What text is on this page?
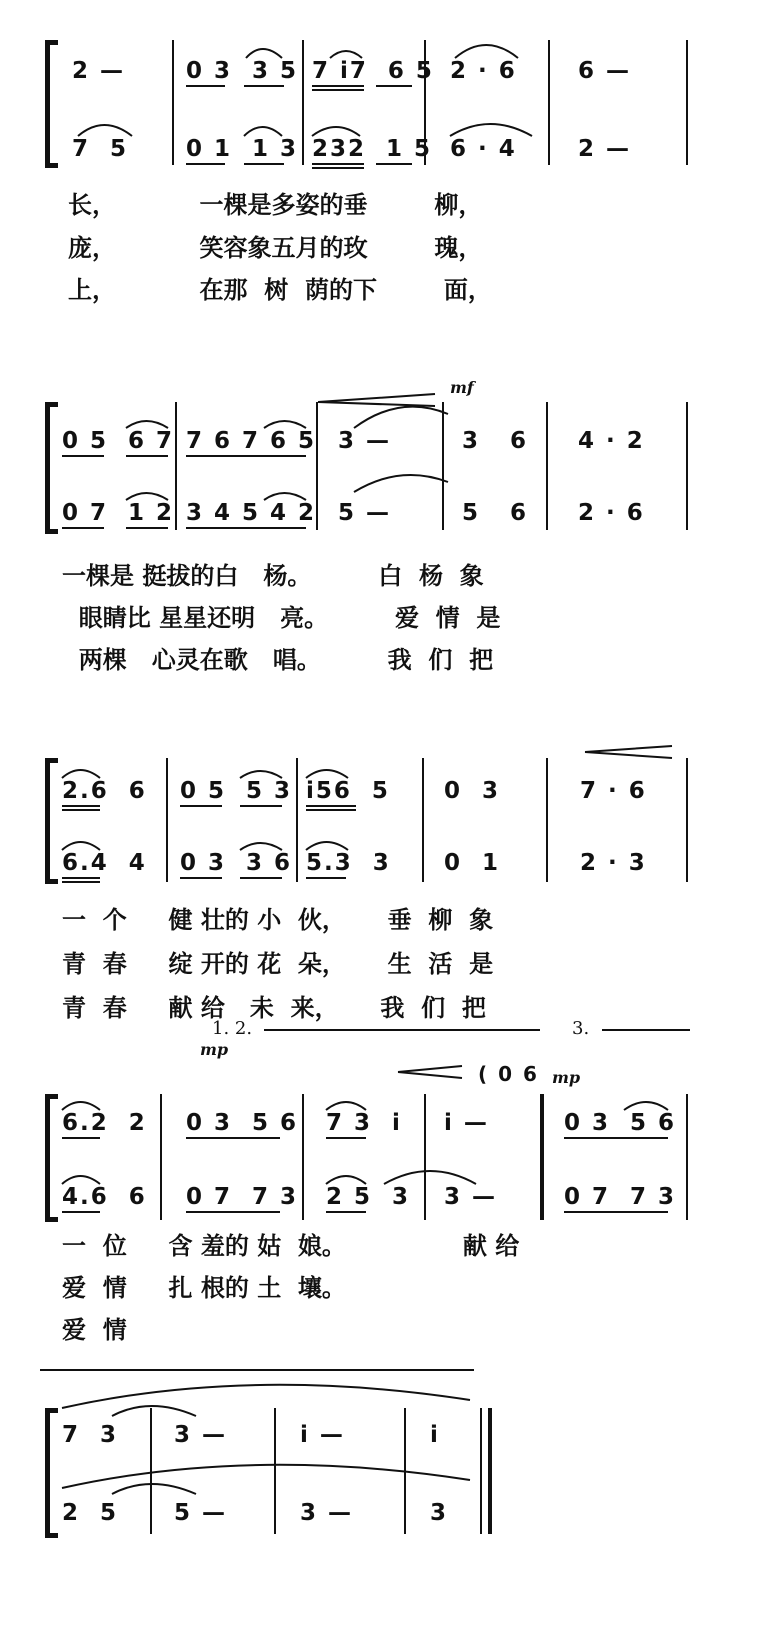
2 —	0 3  3 5 7 i7  6 5 2 · 6	6 —
7  5	0 1  1 3 232  1 5 6 · 4	2 —
长，          一棵是多姿的垂        柳，
庞，          笑容象五月的玫        瑰，
上，          在那  树  荫的下        面，
mf
0 5  6 7 7 6 7 6 5 3 —	3   6 4 · 2
0 7  1 2 3 4 5 4 2 5 —	5   6 2 · 6
一棵是 挺拔的白   杨。        白  杨  象
眼睛比 星星还明   亮。        爱  情  是
两棵   心灵在歌   唱。        我  们  把
2.6  6 0 5  5 3 i56  5 0  3	7 · 6
6.4  4 0 3  3 6 5.3  3 0  1	2 · 3
一  个     健 壮的 小  伙，     垂  柳  象
青  春     绽 开的 花  朵，     生  活  是
青  春     献 给   未  来，     我  们  把
1. 2.	3.
mp
( 0 6 mp
6.2  2 0 3  5 6 7 3  i i —	0 3  5 6
4.6  6 0 7  7 3 2 5  3 3 —	0 7  7 3
一  位     含 羞的 姑  娘。              献 给
爱  情     扎 根的 土  壤。
爱  情
7  3 3 —	i —	i
2  5 5 —	3 —	3
